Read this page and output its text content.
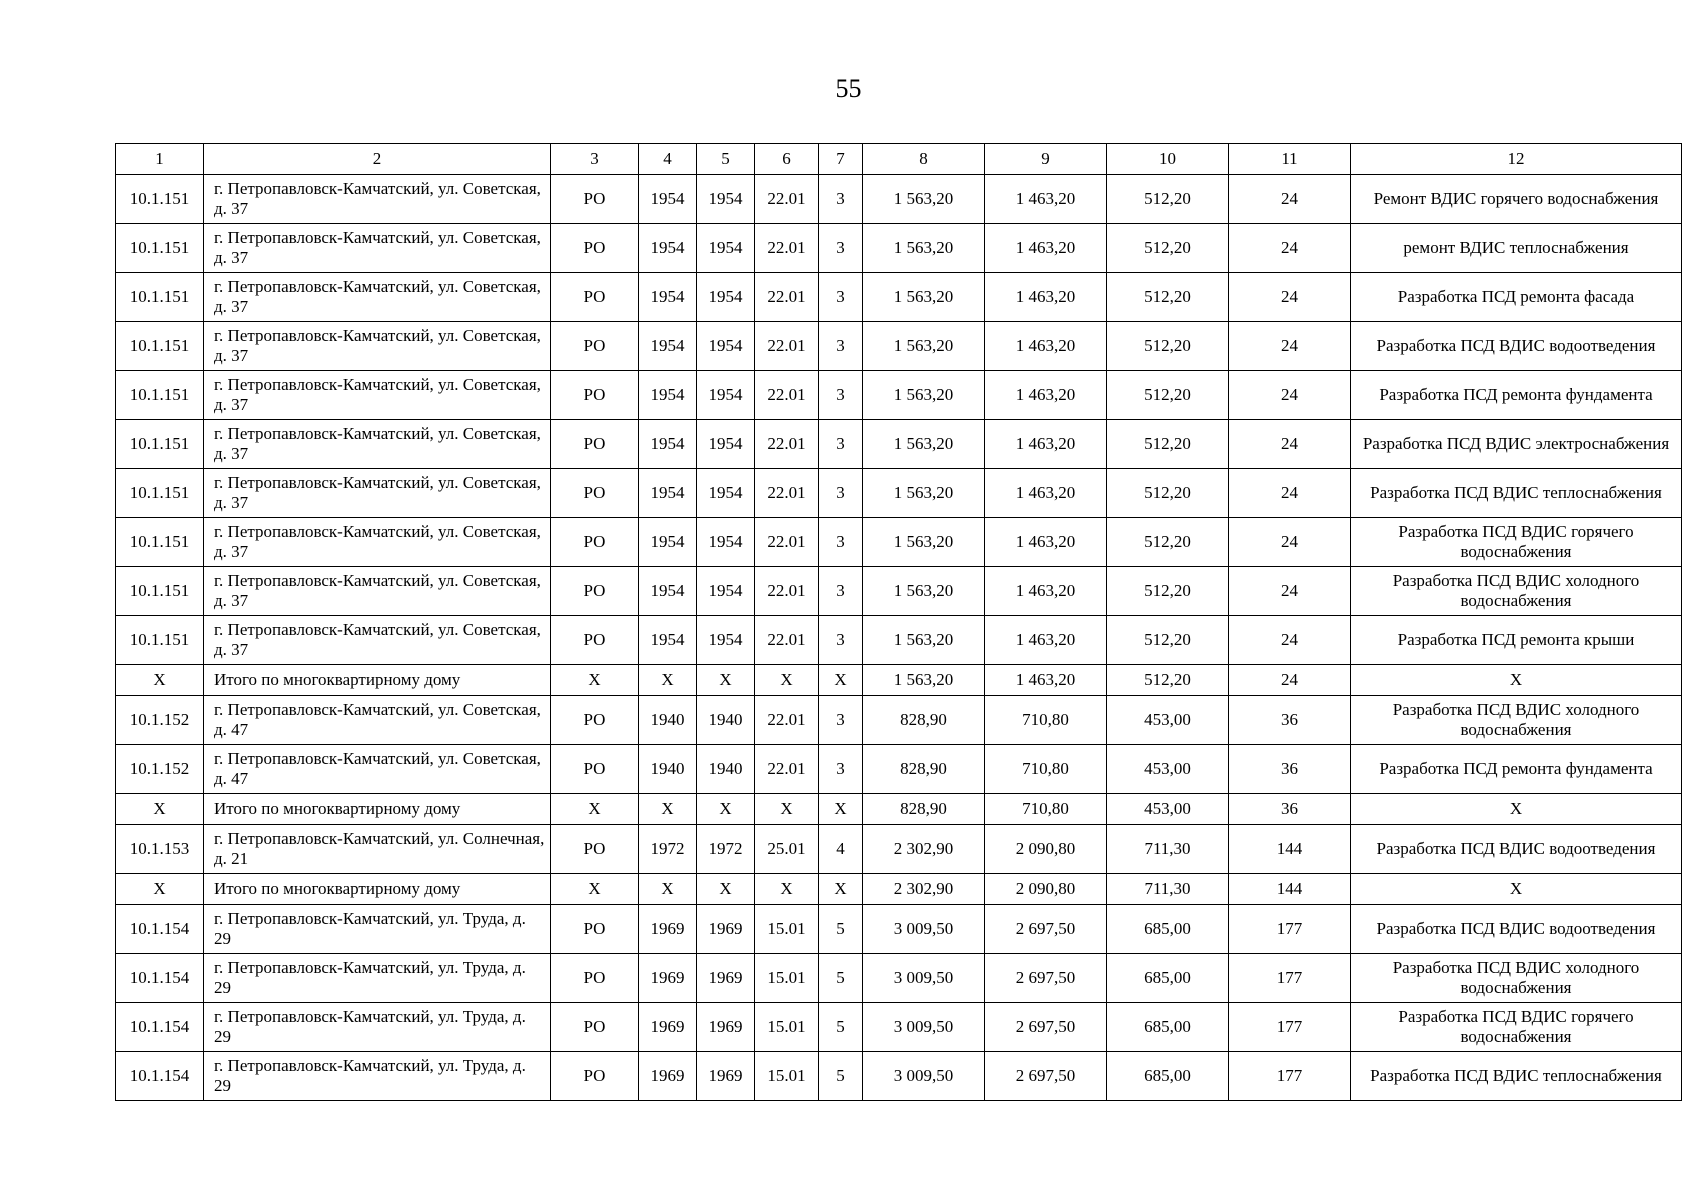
55
1	2	3	4	5	6	7	8	9	10	11	12
10.1.151	г. Петропавловск-Камчатский, ул. Советская, д. 37	РО	1954	1954	22.01	3	1 563,20	1 463,20	512,20	24	Ремонт ВДИС горячего водоснабжения
10.1.151	г. Петропавловск-Камчатский, ул. Советская, д. 37	РО	1954	1954	22.01	3	1 563,20	1 463,20	512,20	24	ремонт ВДИС теплоснабжения
10.1.151	г. Петропавловск-Камчатский, ул. Советская, д. 37	РО	1954	1954	22.01	3	1 563,20	1 463,20	512,20	24	Разработка ПСД ремонта фасада
10.1.151	г. Петропавловск-Камчатский, ул. Советская, д. 37	РО	1954	1954	22.01	3	1 563,20	1 463,20	512,20	24	Разработка ПСД ВДИС водоотведения
10.1.151	г. Петропавловск-Камчатский, ул. Советская, д. 37	РО	1954	1954	22.01	3	1 563,20	1 463,20	512,20	24	Разработка ПСД ремонта фундамента
10.1.151	г. Петропавловск-Камчатский, ул. Советская, д. 37	РО	1954	1954	22.01	3	1 563,20	1 463,20	512,20	24	Разработка ПСД ВДИС электроснабжения
10.1.151	г. Петропавловск-Камчатский, ул. Советская, д. 37	РО	1954	1954	22.01	3	1 563,20	1 463,20	512,20	24	Разработка ПСД ВДИС теплоснабжения
10.1.151	г. Петропавловск-Камчатский, ул. Советская, д. 37	РО	1954	1954	22.01	3	1 563,20	1 463,20	512,20	24	Разработка ПСД ВДИС горячего водоснабжения
10.1.151	г. Петропавловск-Камчатский, ул. Советская, д. 37	РО	1954	1954	22.01	3	1 563,20	1 463,20	512,20	24	Разработка ПСД ВДИС холодного водоснабжения
10.1.151	г. Петропавловск-Камчатский, ул. Советская, д. 37	РО	1954	1954	22.01	3	1 563,20	1 463,20	512,20	24	Разработка ПСД ремонта крыши
X	Итого по многоквартирному дому	X	X	X	X	X	1 563,20	1 463,20	512,20	24	X
10.1.152	г. Петропавловск-Камчатский, ул. Советская, д. 47	РО	1940	1940	22.01	3	828,90	710,80	453,00	36	Разработка ПСД ВДИС холодного водоснабжения
10.1.152	г. Петропавловск-Камчатский, ул. Советская, д. 47	РО	1940	1940	22.01	3	828,90	710,80	453,00	36	Разработка ПСД ремонта фундамента
X	Итого по многоквартирному дому	X	X	X	X	X	828,90	710,80	453,00	36	X
10.1.153	г. Петропавловск-Камчатский, ул. Солнечная, д. 21	РО	1972	1972	25.01	4	2 302,90	2 090,80	711,30	144	Разработка ПСД ВДИС водоотведения
X	Итого по многоквартирному дому	X	X	X	X	X	2 302,90	2 090,80	711,30	144	X
10.1.154	г. Петропавловск-Камчатский, ул. Труда, д. 29	РО	1969	1969	15.01	5	3 009,50	2 697,50	685,00	177	Разработка ПСД ВДИС водоотведения
10.1.154	г. Петропавловск-Камчатский, ул. Труда, д. 29	РО	1969	1969	15.01	5	3 009,50	2 697,50	685,00	177	Разработка ПСД ВДИС холодного водоснабжения
10.1.154	г. Петропавловск-Камчатский, ул. Труда, д. 29	РО	1969	1969	15.01	5	3 009,50	2 697,50	685,00	177	Разработка ПСД ВДИС горячего водоснабжения
10.1.154	г. Петропавловск-Камчатский, ул. Труда, д. 29	РО	1969	1969	15.01	5	3 009,50	2 697,50	685,00	177	Разработка ПСД ВДИС теплоснабжения
